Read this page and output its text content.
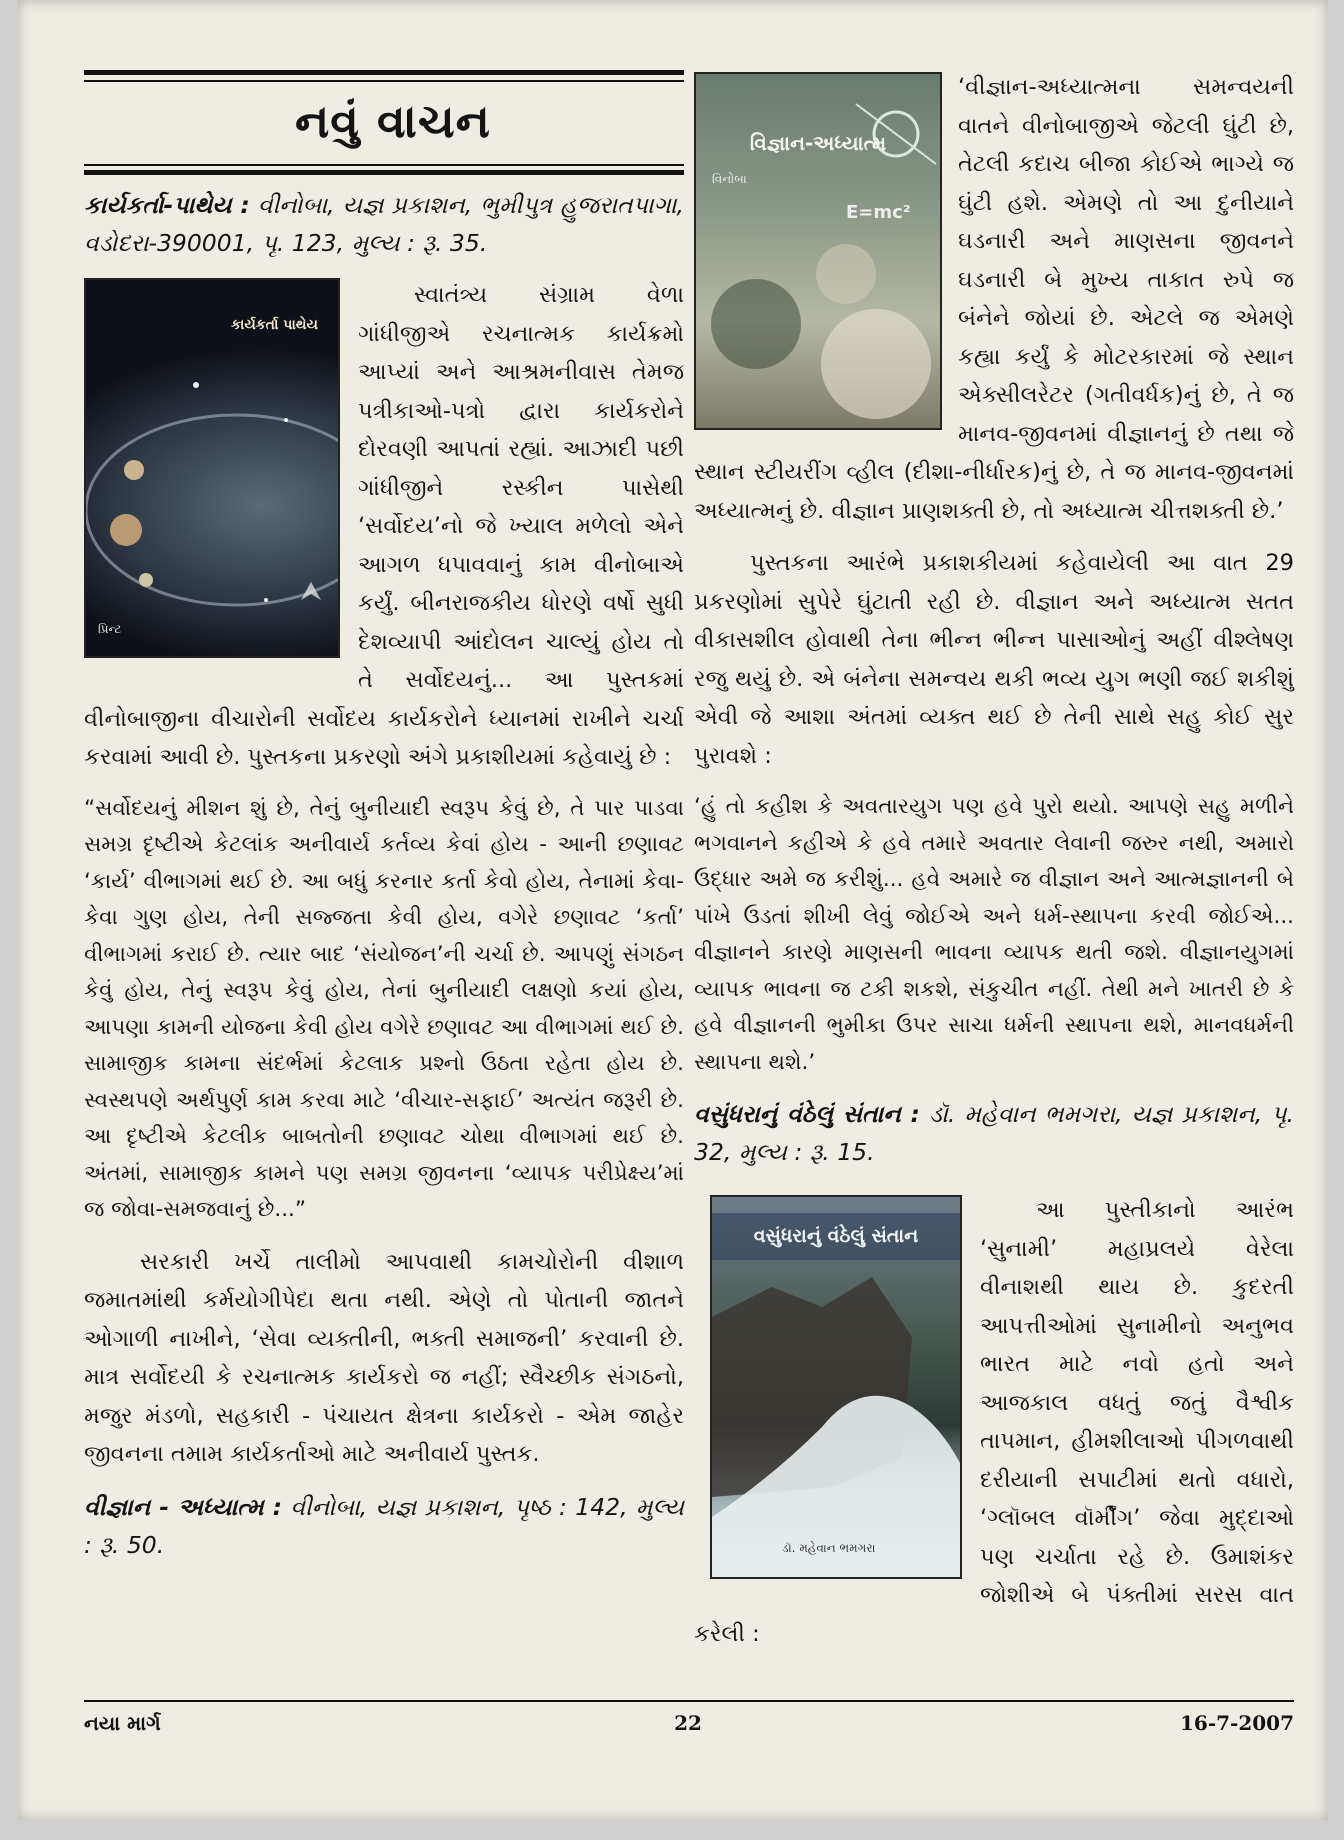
નવું વાચન

કાર્યકર્તા-પાથેય : વીનોબા, યજ્ઞ પ્રકાશન, ભુમીપુત્ર હુજરાતપાગા, વડોદરા-390001, પૃ. 123, મુલ્ય : રૂ. 35.

કાર્યકર્તા પાથેય
પ્રિન્ટ

સ્વાતંત્ર્ય સંગ્રામ વેળા ગાંધીજીએ રચનાત્મક કાર્યક્રમો આપ્યાં અને આશ્રમનીવાસ તેમજ પત્રીકાઓ-પત્રો દ્વારા કાર્યકરોને દોરવણી આપતાં રહ્યાં. આઝાદી પછી ગાંધીજીને રસ્કીન પાસેથી ‘સર્વોદય’નો જે ખ્યાલ મળેલો એને આગળ ધપાવવાનું કામ વીનોબાએ કર્યું. બીનરાજકીય ધોરણે વર્ષો સુધી દેશવ્યાપી આંદોલન ચાલ્યું હોય તો તે સર્વોદયનું... આ પુસ્તકમાં વીનોબાજીના વીચારોની સર્વોદય કાર્યકરોને ધ્યાનમાં રાખીને ચર્ચા કરવામાં આવી છે. પુસ્તકના પ્રકરણો અંગે પ્રકાશીયમાં કહેવાયું છે :

“સર્વોદયનું મીશન શું છે, તેનું બુનીયાદી સ્વરૂપ કેવું છે, તે પાર પાડવા સમગ્ર દૃષ્ટીએ કેટલાંક અનીવાર્ય કર્તવ્ય કેવાં હોય - આની છણાવટ ‘કાર્ય’ વીભાગમાં થઈ છે. આ બધું કરનાર કર્તા કેવો હોય, તેનામાં કેવા-કેવા ગુણ હોય, તેની સજ્જતા કેવી હોય, વગેરે છણાવટ ‘કર્તા’ વીભાગમાં કરાઈ છે. ત્યાર બાદ ‘સંયોજન’ની ચર્ચા છે. આપણું સંગઠન કેવું હોય, તેનું સ્વરૂપ કેવું હોય, તેનાં બુનીયાદી લક્ષણો કયાં હોય, આપણા કામની યોજના કેવી હોય વગેરે છણાવટ આ વીભાગમાં થઈ છે. સામાજીક કામના સંદર્ભમાં કેટલાક પ્રશ્નો ઉઠતા રહેતા હોય છે. સ્વસ્થપણે અર્થપુર્ણ કામ કરવા માટે ‘વીચાર-સફાઈ’ અત્યંત જરૂરી છે. આ દૃષ્ટીએ કેટલીક બાબતોની છણાવટ ચોથા વીભાગમાં થઈ છે. અંતમાં, સામાજીક કામને પણ સમગ્ર જીવનના ‘વ્યાપક પરીપ્રેક્ષ્ય’માં જ જોવા-સમજવાનું છે...”

સરકારી ખર્ચે તાલીમો આપવાથી કામચોરોની વીશાળ જમાતમાંથી કર્મયોગીપેદા થતા નથી. એણે તો પોતાની જાતને ઓગાળી નાખીને, ‘સેવા વ્યક્તીની, ભક્તી સમાજની’ કરવાની છે. માત્ર સર્વોદયી કે રચનાત્મક કાર્યકરો જ નહીં; સ્વૈચ્છીક સંગઠનો, મજુર મંડળો, સહકારી - પંચાયત ક્ષેત્રના કાર્યકરો - એમ જાહેર જીવનના તમામ કાર્યકર્તાઓ માટે અનીવાર્ય પુસ્તક.

વીજ્ઞાન - અધ્યાત્મ : વીનોબા, યજ્ઞ પ્રકાશન, પૃષ્ઠ : 142, મુલ્ય : રૂ. 50.

વિજ્ઞાન-અધ્યાત્મ
વિનોબા
E=mc²

‘વીજ્ઞાન-અધ્યાત્મના સમન્વયની વાતને વીનોબાજીએ જેટલી ઘુંટી છે, તેટલી કદાચ બીજા કોઈએ ભાગ્યે જ ઘુંટી હશે. એમણે તો આ દુનીયાને ઘડનારી અને માણસના જીવનને ઘડનારી બે મુખ્ય તાકાત રુપે જ બંનેને જોયાં છે. એટલે જ એમણે કહ્યા કર્યું કે મોટરકારમાં જે સ્થાન એક્સીલરેટર (ગતીવર્ધક)નું છે, તે જ માનવ-જીવનમાં વીજ્ઞાનનું છે તથા જે સ્થાન સ્ટીયરીંગ વ્હીલ (દીશા-નીર્ધારક)નું છે, તે જ માનવ-જીવનમાં અધ્યાત્મનું છે. વીજ્ઞાન પ્રાણશક્તી છે, તો અધ્યાત્મ ચીત્તશક્તી છે.’

પુસ્તકના આરંભે પ્રકાશકીયમાં કહેવાયેલી આ વાત 29 પ્રકરણોમાં સુપેરે ઘુંટાતી રહી છે. વીજ્ઞાન અને અધ્યાત્મ સતત વીકાસશીલ હોવાથી તેના ભીન્ન ભીન્ન પાસાઓનું અહીં વીશ્લેષણ રજુ થયું છે. એ બંનેના સમન્વય થકી ભવ્ય યુગ ભણી જઈ શકીશું એવી જે આશા અંતમાં વ્યક્ત થઈ છે તેની સાથે સહુ કોઈ સુર પુરાવશે :

‘હું તો કહીશ કે અવતારયુગ પણ હવે પુરો થયો. આપણે સહુ મળીને ભગવાનને કહીએ કે હવે તમારે અવતાર લેવાની જરુર નથી, અમારો ઉદ્ધાર અમે જ કરીશું... હવે અમારે જ વીજ્ઞાન અને આત્મજ્ઞાનની બે પાંખે ઉડતાં શીખી લેવું જોઈએ અને ધર્મ-સ્થાપના કરવી જોઈએ... વીજ્ઞાનને કારણે માણસની ભાવના વ્યાપક થતી જશે. વીજ્ઞાનયુગમાં વ્યાપક ભાવના જ ટકી શકશે, સંકુચીત નહીં. તેથી મને ખાતરી છે કે હવે વીજ્ઞાનની ભુમીકા ઉપર સાચા ધર્મની સ્થાપના થશે, માનવધર્મની સ્થાપના થશે.’

વસુંધરાનું વંઠેલું સંતાન : ડૉ. મહેવાન ભમગરા, યજ્ઞ પ્રકાશન, પૃ. 32, મુલ્ય : રૂ. 15.

વસુંધરાનું વંઠેલું સંતાન
ડૉ. મહેવાન ભમગરા

આ પુસ્તીકાનો આરંભ ‘સુનામી’ મહાપ્રલયે વેરેલા વીનાશથી થાય છે. કુદરતી આપત્તીઓમાં સુનામીનો અનુભવ ભારત માટે નવો હતો અને આજકાલ વધતું જતું વૈશ્વીક તાપમાન, હીમશીલાઓ પીગળવાથી દરીયાની સપાટીમાં થતો વધારો, ‘ગ્લૉબલ વૉર્મીંગ’ જેવા મુદ્દાઓ પણ ચર્ચાતા રહે છે. ઉમાશંકર જોશીએ બે પંક્તીમાં સરસ વાત કરેલી :

નયા માર્ગ	22	16-7-2007
